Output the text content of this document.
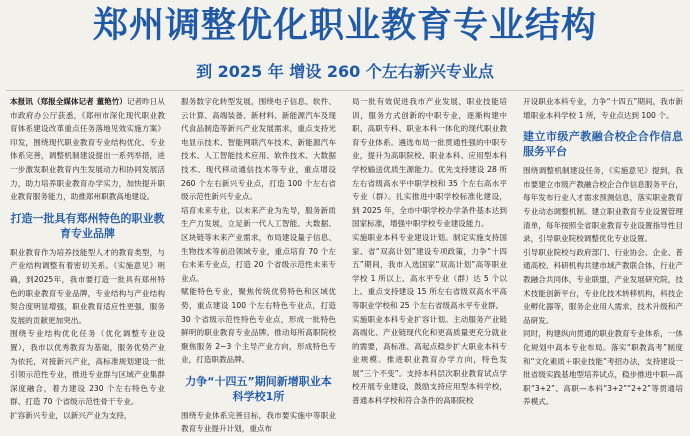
郑州调整优化职业教育专业结构
到 2025 年 增设 260 个左右新兴专业点

本报讯（郑报全媒体记者 董艳竹）记者昨日从市政府办公厅获悉，《郑州市深化现代职业教育体系建设改革重点任务落地见效实施方案》印发，围绕现代职业教育专业结构优化、专业体系完善，调整机制建设提出一系列举措，进一步激发职业教育内生发展动力和协同发展活力，助力培养职业教育办学实力，加快提升职业教育服务能力，助推郑州职教高地建设。

打造一批具有郑州特色的职业教育专业品牌

职业教育作为培养技能型人才的教育类型，与产业结构调整有着密切关系。《实施意见》明确，到2025年，我市要打造一批具有郑州特色的职业教育专业品牌，专业结构与产业结构契合度明显增强，职业教育适应性更强，服务发展的贡献更加突出。

围绕专业结构优化任务（优化调整专业设置），我市以优秀教育为基础，服务优势产业为依托，对接新兴产业，高标准规划建设一批引领示范性专业，推进专业群与区域产业集群深度融合，着力建设 230 个左右特色专业群、打造 70 个省级示范性骨干专业。

扩容新兴专业，以新兴产业为支持，

服务数字化转型发展，围绕电子信息、软件、云计算、高端装备、新材料、新能源汽车及现代食品制造等新兴产业发展需求，重点支持光电显示技术、智能网联汽车技术、新能源汽车技术、人工智能技术应用、软件技术、大数据技术、现代移动通信技术等专业，重点增设 260 个左右新兴专业点，打造 100 个左右省级示范性新兴专业点。

培育未来专业，以未来产业为先导，服务新质生产力发展，立足新一代人工智能、大数据、区块链等未来产业需求，布局建设量子信息、生物技术等前沿领域专业，重点培育 70 个左右未来专业点，打造 20 个省级示范性未来专业点。

赋能特色专业，聚焦传统优势特色和区域优势，重点建设 100 个左右特色专业点，打造 30 个省级示范性特色专业点，形成一批特色鲜明的职业教育专业品牌。推动每所高职院校聚焦服务 2~3 个主导产业方向，形成特色专业，打造职教品牌。

力争“十四五”期间新增职业本科学校1所

围绕专业体系完善目标，我市要实施中等职业教育专业提升计划，重点布

局一批有效促进我市产业发展，职业技能培训，服务方式创新的中职专业，逐渐构建中职、高职专科、职业本科一体化的现代职业教育专业体系。遴选布局一批贯通性强的中职专业，提升为高职院校、职业本科、应用型本科学校输送优质生源能力。优先支持建设 28 所左右省级高水平中职学校和 35 个左右高水平专业（群）。扎实推进中职学校标准化建设，到 2025 年，全市中职学校办学条件基本达到国家标准，增强中职学校专业建设能力。

实施职业本科专业建设计划。制定实施支持国家、省“双高计划”建设专项政策，力争“十四五”期间，我市入选国家“双高计划”高等职业学校 1 所以上、高水平专业（群）达 5 个以上。重点支持建设 15 所左右省级双高水平高等职业学校和 25 个左右省级高水平专业群。

实施职业本科专业扩容计划。主动服务产业链高端化、产业链现代化和更高质量更充分就业的需要，高标准、高起点稳步扩大职业本科专业规模。推进职业教育办学方向，特色发展“三个不变”。支持本科层次职业教育试点学校开展专业建设，鼓励支持应用型本科学校，普通本科学校和符合条件的高职院校

开设职业本科专业，力争“十四五”期间，我市新增职业本科学校 1 所，专业点达到 100 个。

建立市级产教融合校企合作信息服务平台

围绕调整机制建设任务，《实施意见》提到，我市要建立市级产教融合校企合作信息服务平台，每年发布行业人才需求预测信息，落实职业教育专业动态调整机制。建立职业教育专业设置管理清单，每年按照全省职业教育专业设置指导性目录，引导职业院校调整优化专业设置。

引导职业院校与政府部门、行业协会、企业、普通高校、科研机构共建市域产教联合体，行业产教融合共同体，专业联盟，产业发展研究院，技术技能创新平台，专业化技术转移机构，科技企业孵化器等，服务企业用人需求，技术升级和产品研发。

同时，构建纵向贯通的职业教育专业体系，一体化规划中高本专业布局。落实“职教高考”制度和“文化素质＋职业技能”考招办法，支持建设一批省级实践基地型培养试点，稳步推进中职—高职“3+2”、高职—本科“3+2”“2+2”等贯通培养模式。
